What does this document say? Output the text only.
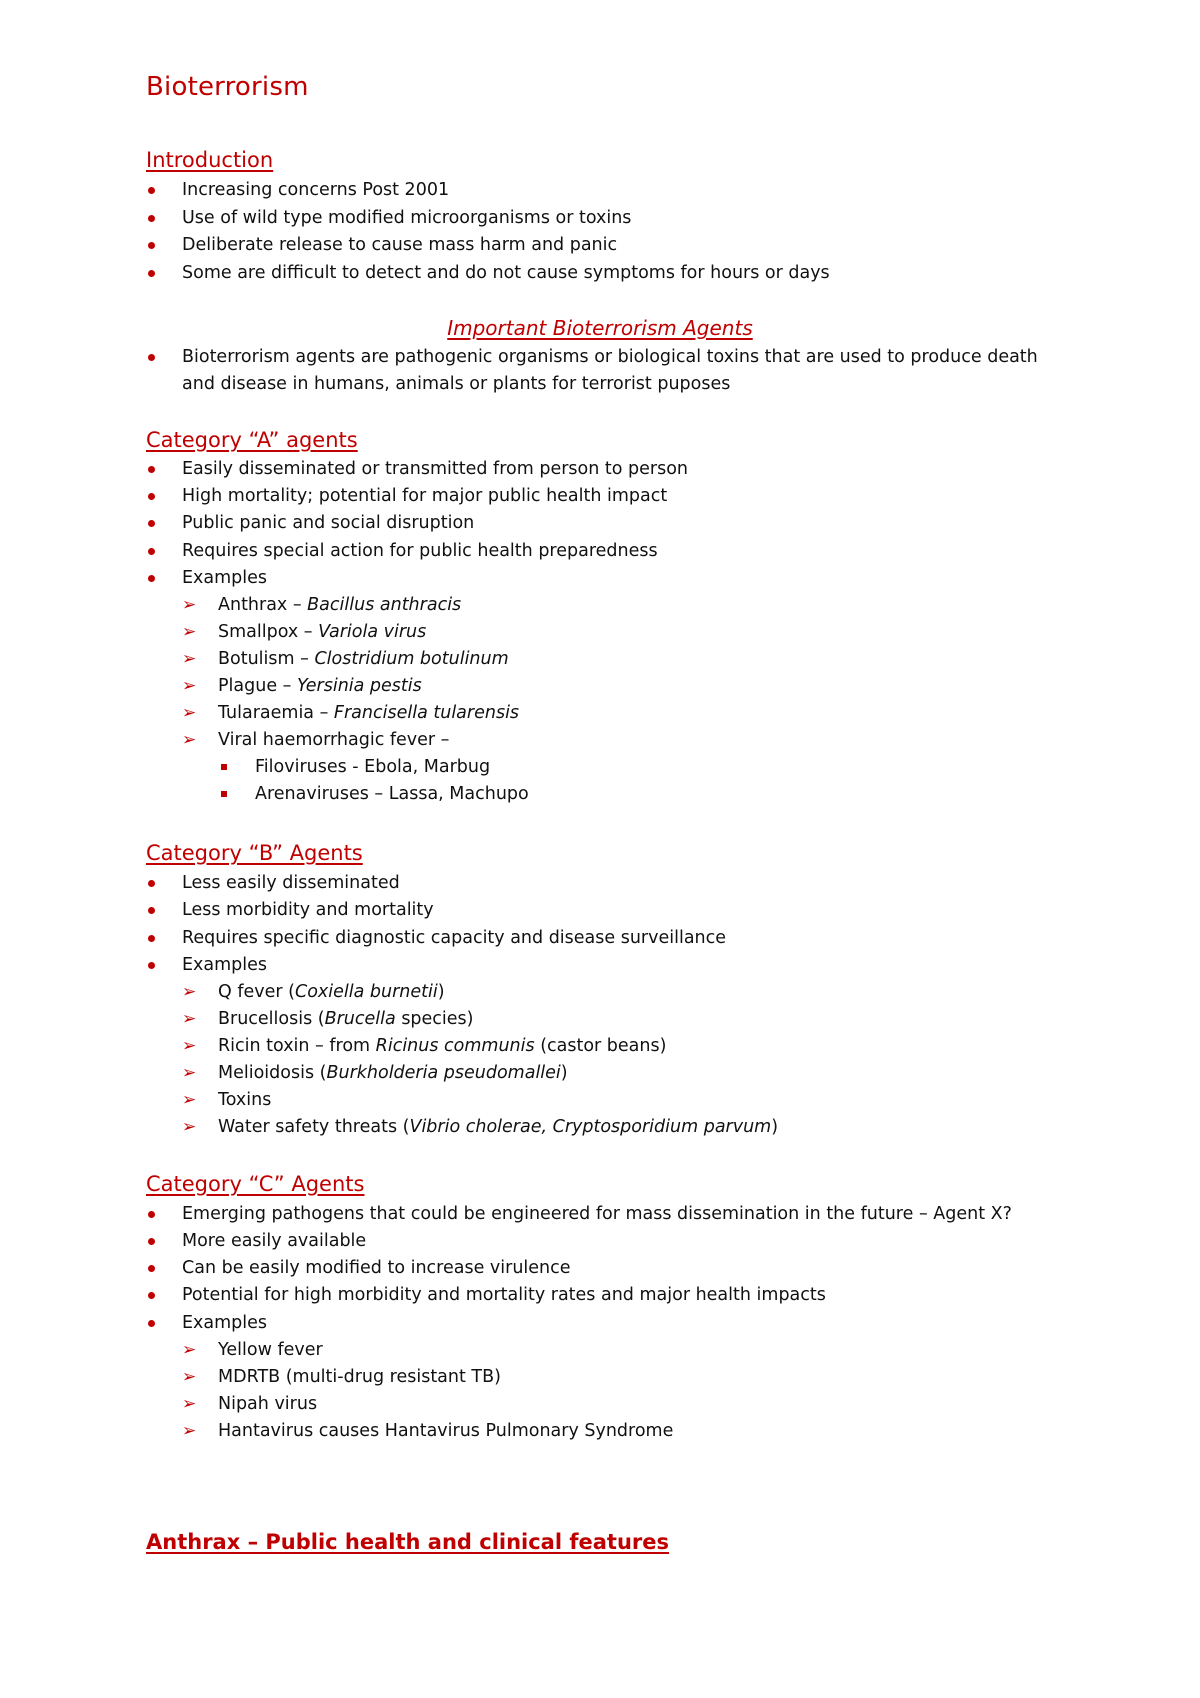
Bioterrorism
Introduction
Increasing concerns Post 2001
Use of wild type modified microorganisms or toxins
Deliberate release to cause mass harm and panic
Some are difficult to detect and do not cause symptoms for hours or days
Important Bioterrorism Agents
Bioterrorism agents are pathogenic organisms or biological toxins that are used to produce death
and disease in humans, animals or plants for terrorist puposes
Category “A” agents
Easily disseminated or transmitted from person to person
High mortality; potential for major public health impact
Public panic and social disruption
Requires special action for public health preparedness
Examples
➢ Anthrax – Bacillus anthracis
➢ Smallpox – Variola virus
➢ Botulism – Clostridium botulinum
➢ Plague – Yersinia pestis
➢ Tularaemia – Francisella tularensis
➢ Viral haemorrhagic fever –
Filoviruses - Ebola, Marbug
Arenaviruses – Lassa, Machupo
Category “B” Agents
Less easily disseminated
Less morbidity and mortality
Requires specific diagnostic capacity and disease surveillance
Examples
➢ Q fever (Coxiella burnetii)
➢ Brucellosis (Brucella species)
➢ Ricin toxin – from Ricinus communis (castor beans)
➢ Melioidosis (Burkholderia pseudomallei)
➢ Toxins
➢ Water safety threats (Vibrio cholerae, Cryptosporidium parvum)
Category “C” Agents
Emerging pathogens that could be engineered for mass dissemination in the future – Agent X?
More easily available
Can be easily modified to increase virulence
Potential for high morbidity and mortality rates and major health impacts
Examples
➢ Yellow fever
➢ MDRTB (multi-drug resistant TB)
➢ Nipah virus
➢ Hantavirus causes Hantavirus Pulmonary Syndrome
Anthrax – Public health and clinical features
